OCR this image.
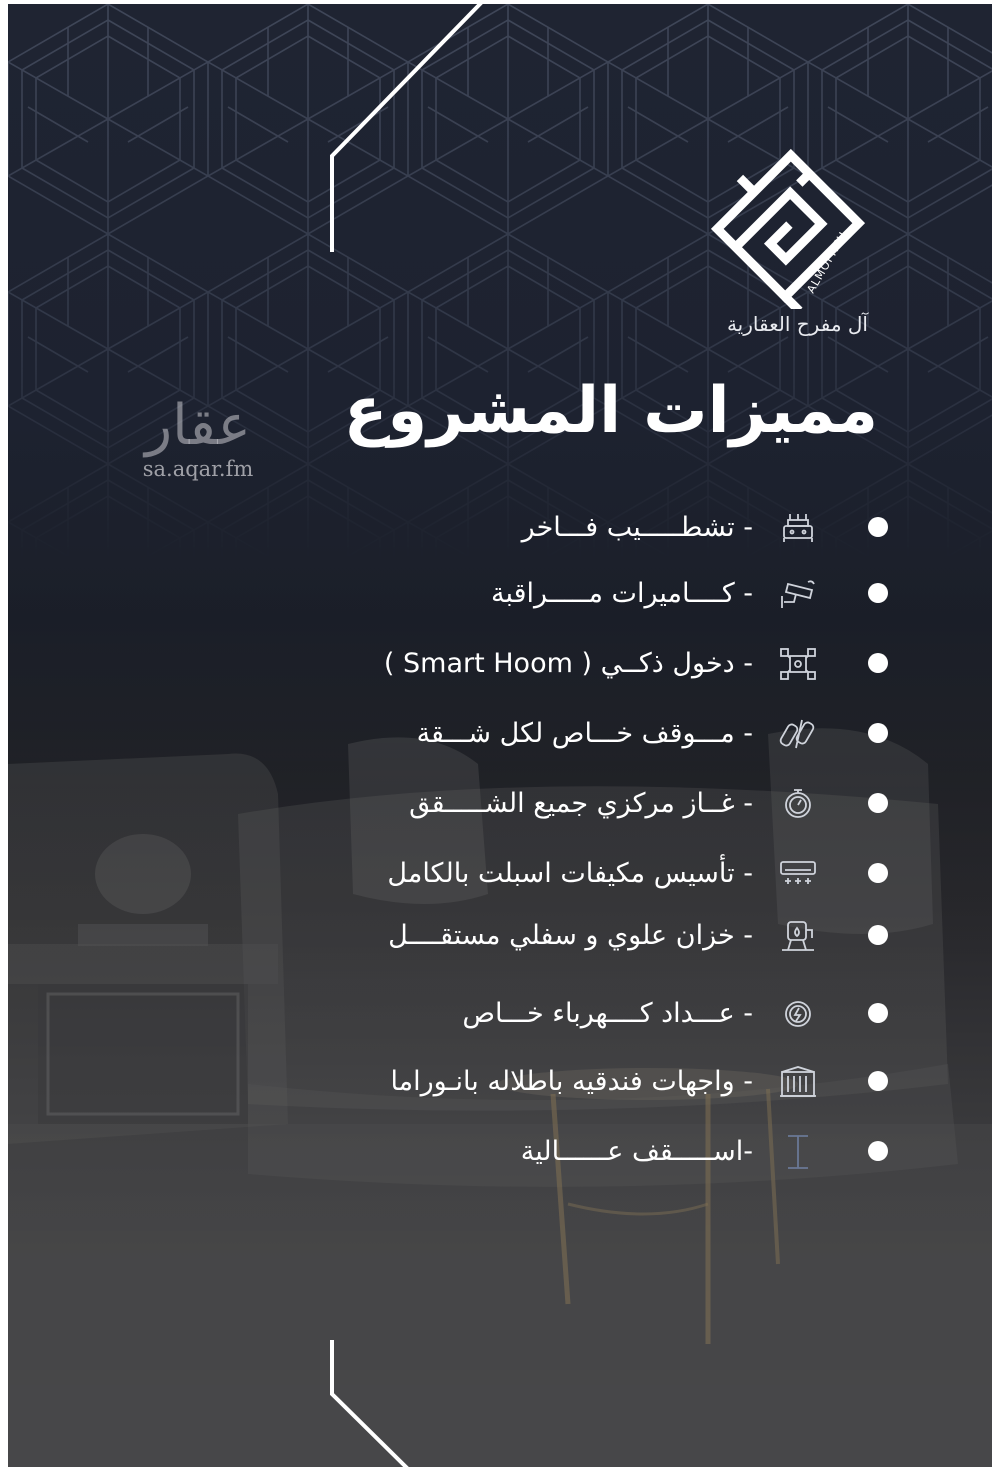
ALMOFREH
آل مفرح العقارية
مميزات المشروع
عقار
sa.aqar.fm
- تشطـــــيب فـــاخر
- كــــاميرات مـــــراقبة
- دخول ذكــي ( Smart Hoom )
- مـــوقف خـــاص لكل شـــقة
- غــاز مركزي جميع الشـــــقق
- تأسيس مكيفات اسبلت بالكامل
- خزان علوي و سفلي مستقــــل
- عـــداد كــــهرباء خـــاص
- واجهات فندقيه باطلاله بانـوراما
-اســـــقف عــــــالية
